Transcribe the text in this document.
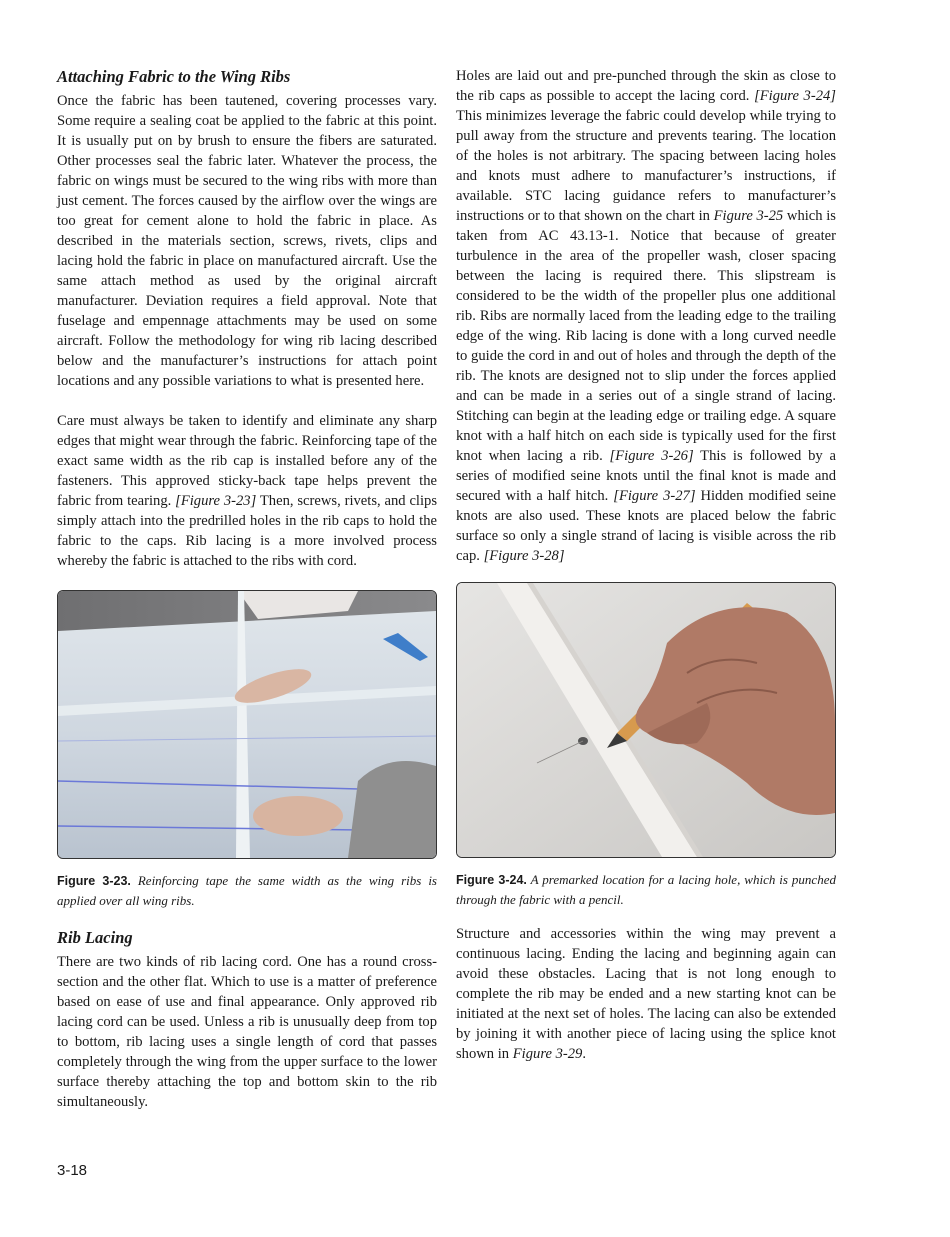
Attaching Fabric to the Wing Ribs

Once the fabric has been tautened, covering processes vary. Some require a sealing coat be applied to the fabric at this point. It is usually put on by brush to ensure the fibers are saturated. Other processes seal the fabric later. Whatever the process, the fabric on wings must be secured to the wing ribs with more than just cement. The forces caused by the airflow over the wings are too great for cement alone to hold the fabric in place. As described in the materials section, screws, rivets, clips and lacing hold the fabric in place on manufactured aircraft. Use the same attach method as used by the original aircraft manufacturer. Deviation requires a field approval. Note that fuselage and empennage attachments may be used on some aircraft. Follow the methodology for wing rib lacing described below and the manufacturer’s instructions for attach point locations and any possible variations to what is presented here.

Care must always be taken to identify and eliminate any sharp edges that might wear through the fabric. Reinforcing tape of the exact same width as the rib cap is installed before any of the fasteners. This approved sticky-back tape helps prevent the fabric from tearing. [Figure 3-23] Then, screws, rivets, and clips simply attach into the predrilled holes in the rib caps to hold the fabric to the caps. Rib lacing is a more involved process whereby the fabric is attached to the ribs with cord.

Figure 3-23. Reinforcing tape the same width as the wing ribs is applied over all wing ribs.
Rib Lacing

There are two kinds of rib lacing cord. One has a round cross-section and the other flat. Which to use is a matter of preference based on ease of use and final appearance. Only approved rib lacing cord can be used. Unless a rib is unusually deep from top to bottom, rib lacing uses a single length of cord that passes completely through the wing from the upper surface to the lower surface thereby attaching the top and bottom skin to the rib simultaneously.

Holes are laid out and pre-punched through the skin as close to the rib caps as possible to accept the lacing cord. [Figure 3-24] This minimizes leverage the fabric could develop while trying to pull away from the structure and prevents tearing. The location of the holes is not arbitrary. The spacing between lacing holes and knots must adhere to manufacturer’s instructions, if available. STC lacing guidance refers to manufacturer’s instructions or to that shown on the chart in Figure 3-25 which is taken from AC 43.13-1. Notice that because of greater turbulence in the area of the propeller wash, closer spacing between the lacing is required there. This slipstream is considered to be the width of the propeller plus one additional rib. Ribs are normally laced from the leading edge to the trailing edge of the wing. Rib lacing is done with a long curved needle to guide the cord in and out of holes and through the depth of the rib. The knots are designed not to slip under the forces applied and can be made in a series out of a single strand of lacing. Stitching can begin at the leading edge or trailing edge. A square knot with a half hitch on each side is typically used for the first knot when lacing a rib. [Figure 3-26] This is followed by a series of modified seine knots until the final knot is made and secured with a half hitch. [Figure 3-27] Hidden modified seine knots are also used. These knots are placed below the fabric surface so only a single strand of lacing is visible across the rib cap. [Figure 3-28]

Figure 3-24. A premarked location for a lacing hole, which is punched through the fabric with a pencil.

Structure and accessories within the wing may prevent a continuous lacing. Ending the lacing and beginning again can avoid these obstacles. Lacing that is not long enough to complete the rib may be ended and a new starting knot can be initiated at the next set of holes. The lacing can also be extended by joining it with another piece of lacing using the splice knot shown in Figure 3-29.

3-18
